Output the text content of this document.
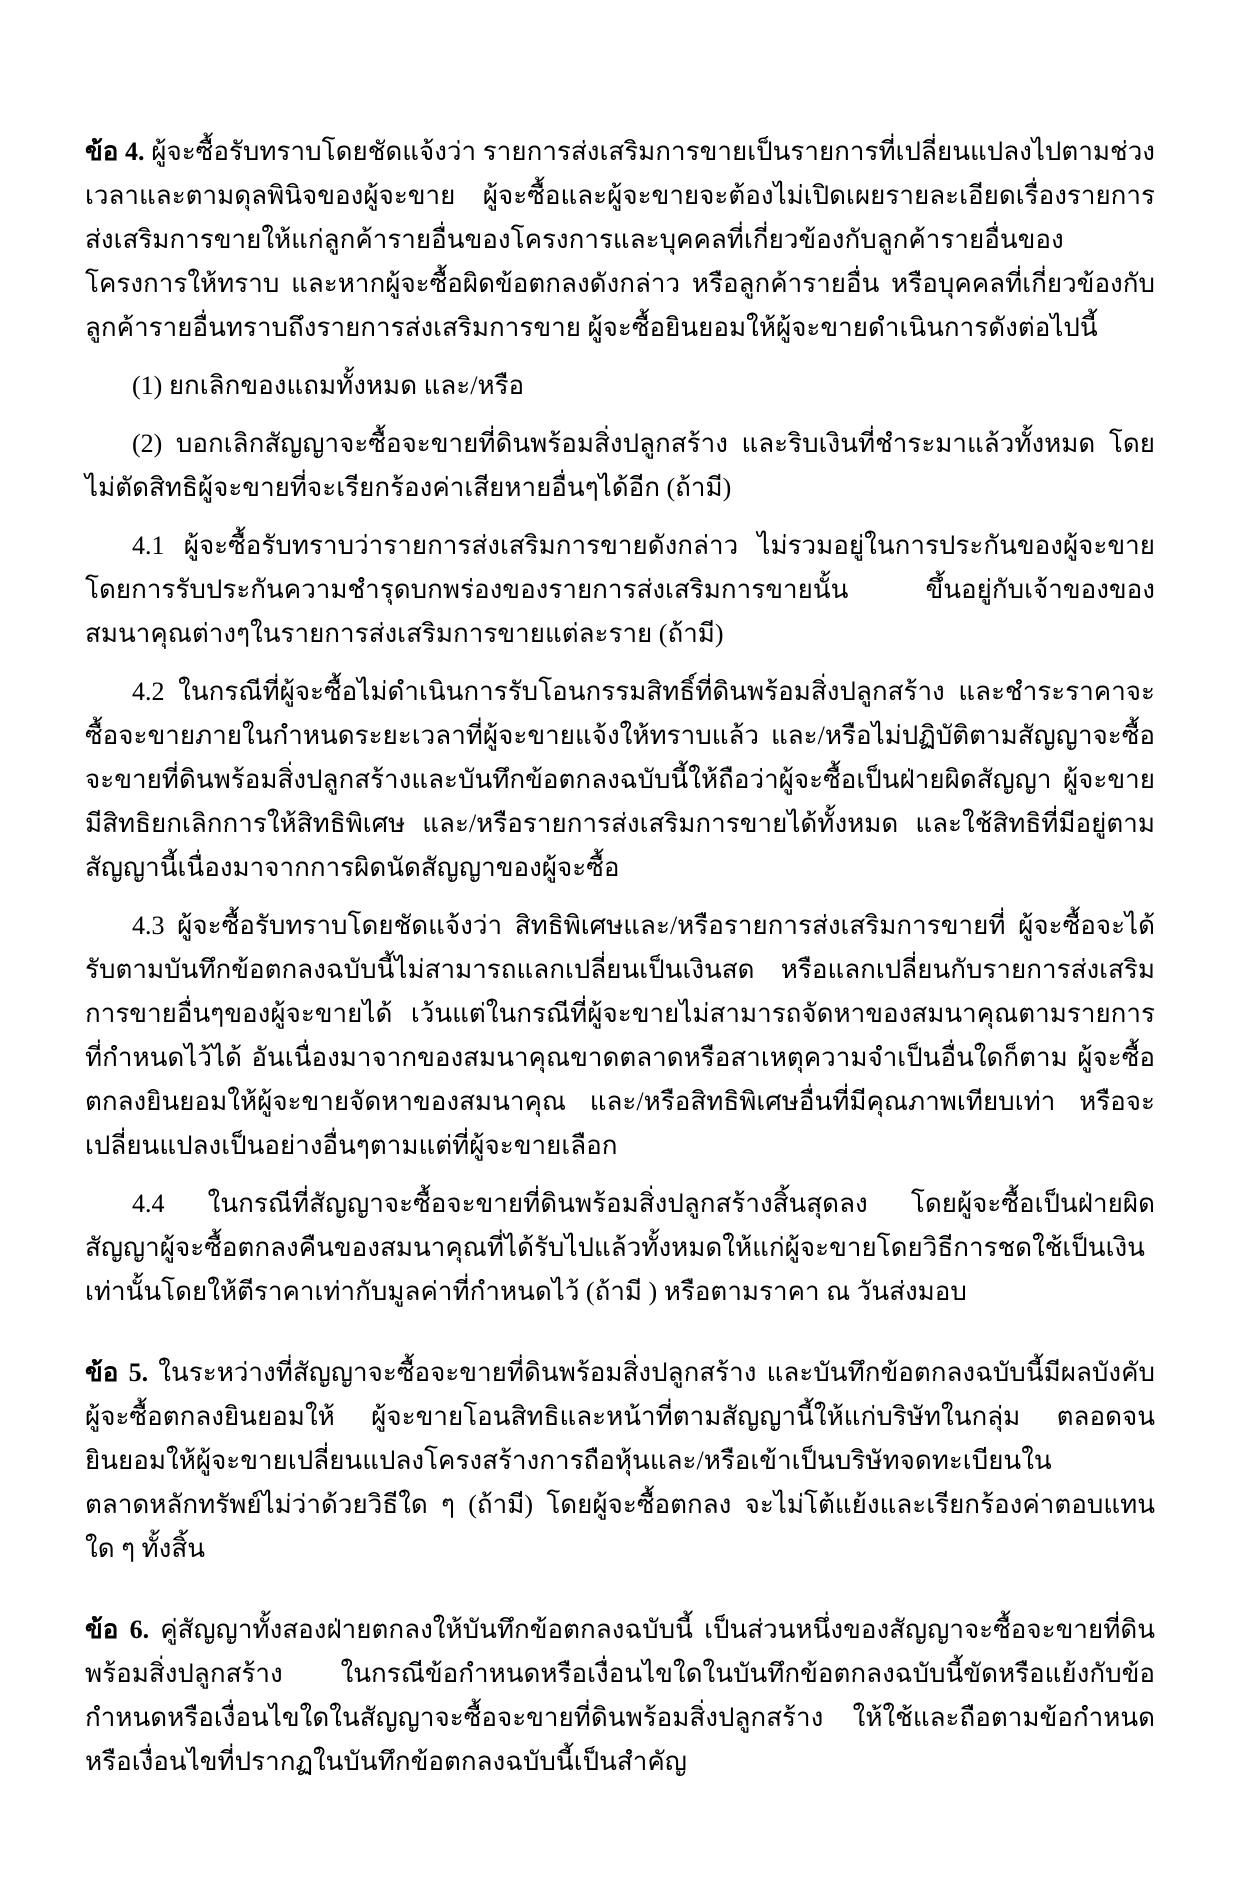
ข้อ 4. ผู้จะซื้อรับทราบโดยชัดแจ้งว่า รายการส่งเสริมการขายเป็นรายการที่เปลี่ยนแปลงไปตามช่วงเวลาและตามดุลพินิจของผู้จะขาย ผู้จะซื้อและผู้จะขายจะต้องไม่เปิดเผยรายละเอียดเรื่องรายการส่งเสริมการขายให้แก่ลูกค้ารายอื่นของโครงการและบุคคลที่เกี่ยวข้องกับลูกค้ารายอื่นของโครงการให้ทราบ และหากผู้จะซื้อผิดข้อตกลงดังกล่าว หรือลูกค้ารายอื่น หรือบุคคลที่เกี่ยวข้องกับลูกค้ารายอื่นทราบถึงรายการส่งเสริมการขาย ผู้จะซื้อยินยอมให้ผู้จะขายดำเนินการดังต่อไปนี้

(1) ยกเลิกของแถมทั้งหมด และ/หรือ

(2) บอกเลิกสัญญาจะซื้อจะขายที่ดินพร้อมสิ่งปลูกสร้าง และริบเงินที่ชำระมาแล้วทั้งหมด โดยไม่ตัดสิทธิผู้จะขายที่จะเรียกร้องค่าเสียหายอื่นๆได้อีก (ถ้ามี)

4.1 ผู้จะซื้อรับทราบว่ารายการส่งเสริมการขายดังกล่าว ไม่รวมอยู่ในการประกันของผู้จะขาย โดยการรับประกันความชำรุดบกพร่องของรายการส่งเสริมการขายนั้น ขึ้นอยู่กับเจ้าของของสมนาคุณต่างๆในรายการส่งเสริมการขายแต่ละราย (ถ้ามี)

4.2 ในกรณีที่ผู้จะซื้อไม่ดำเนินการรับโอนกรรมสิทธิ์ที่ดินพร้อมสิ่งปลูกสร้าง และชำระราคาจะซื้อจะขายภายในกำหนดระยะเวลาที่ผู้จะขายแจ้งให้ทราบแล้ว และ/หรือไม่ปฏิบัติตามสัญญาจะซื้อจะขายที่ดินพร้อมสิ่งปลูกสร้างและบันทึกข้อตกลงฉบับนี้ให้ถือว่าผู้จะซื้อเป็นฝ่ายผิดสัญญา ผู้จะขายมีสิทธิยกเลิกการให้สิทธิพิเศษ และ/หรือรายการส่งเสริมการขายได้ทั้งหมด และใช้สิทธิที่มีอยู่ตามสัญญานี้เนื่องมาจากการผิดนัดสัญญาของผู้จะซื้อ

4.3 ผู้จะซื้อรับทราบโดยชัดแจ้งว่า สิทธิพิเศษและ/หรือรายการส่งเสริมการขายที่ ผู้จะซื้อจะได้รับตามบันทึกข้อตกลงฉบับนี้ไม่สามารถแลกเปลี่ยนเป็นเงินสด หรือแลกเปลี่ยนกับรายการส่งเสริมการขายอื่นๆของผู้จะขายได้ เว้นแต่ในกรณีที่ผู้จะขายไม่สามารถจัดหาของสมนาคุณตามรายการที่กำหนดไว้ได้ อันเนื่องมาจากของสมนาคุณขาดตลาดหรือสาเหตุความจำเป็นอื่นใดก็ตาม ผู้จะซื้อตกลงยินยอมให้ผู้จะขายจัดหาของสมนาคุณ และ/หรือสิทธิพิเศษอื่นที่มีคุณภาพเทียบเท่า หรือจะเปลี่ยนแปลงเป็นอย่างอื่นๆตามแต่ที่ผู้จะขายเลือก

4.4 ในกรณีที่สัญญาจะซื้อจะขายที่ดินพร้อมสิ่งปลูกสร้างสิ้นสุดลง โดยผู้จะซื้อเป็นฝ่ายผิดสัญญาผู้จะซื้อตกลงคืนของสมนาคุณที่ได้รับไปแล้วทั้งหมดให้แก่ผู้จะขายโดยวิธีการชดใช้เป็นเงินเท่านั้นโดยให้ตีราคาเท่ากับมูลค่าที่กำหนดไว้ (ถ้ามี ) หรือตามราคา ณ วันส่งมอบ

ข้อ 5. ในระหว่างที่สัญญาจะซื้อจะขายที่ดินพร้อมสิ่งปลูกสร้าง และบันทึกข้อตกลงฉบับนี้มีผลบังคับ ผู้จะซื้อตกลงยินยอมให้ ผู้จะขายโอนสิทธิและหน้าที่ตามสัญญานี้ให้แก่บริษัทในกลุ่ม ตลอดจนยินยอมให้ผู้จะขายเปลี่ยนแปลงโครงสร้างการถือหุ้นและ/หรือเข้าเป็นบริษัทจดทะเบียนในตลาดหลักทรัพย์ไม่ว่าด้วยวิธีใด ๆ (ถ้ามี) โดยผู้จะซื้อตกลง จะไม่โต้แย้งและเรียกร้องค่าตอบแทนใด ๆ ทั้งสิ้น

ข้อ 6. คู่สัญญาทั้งสองฝ่ายตกลงให้บันทึกข้อตกลงฉบับนี้ เป็นส่วนหนึ่งของสัญญาจะซื้อจะขายที่ดินพร้อมสิ่งปลูกสร้าง ในกรณีข้อกำหนดหรือเงื่อนไขใดในบันทึกข้อตกลงฉบับนี้ขัดหรือแย้งกับข้อกำหนดหรือเงื่อนไขใดในสัญญาจะซื้อจะขายที่ดินพร้อมสิ่งปลูกสร้าง ให้ใช้และถือตามข้อกำหนดหรือเงื่อนไขที่ปรากฏในบันทึกข้อตกลงฉบับนี้เป็นสำคัญ
